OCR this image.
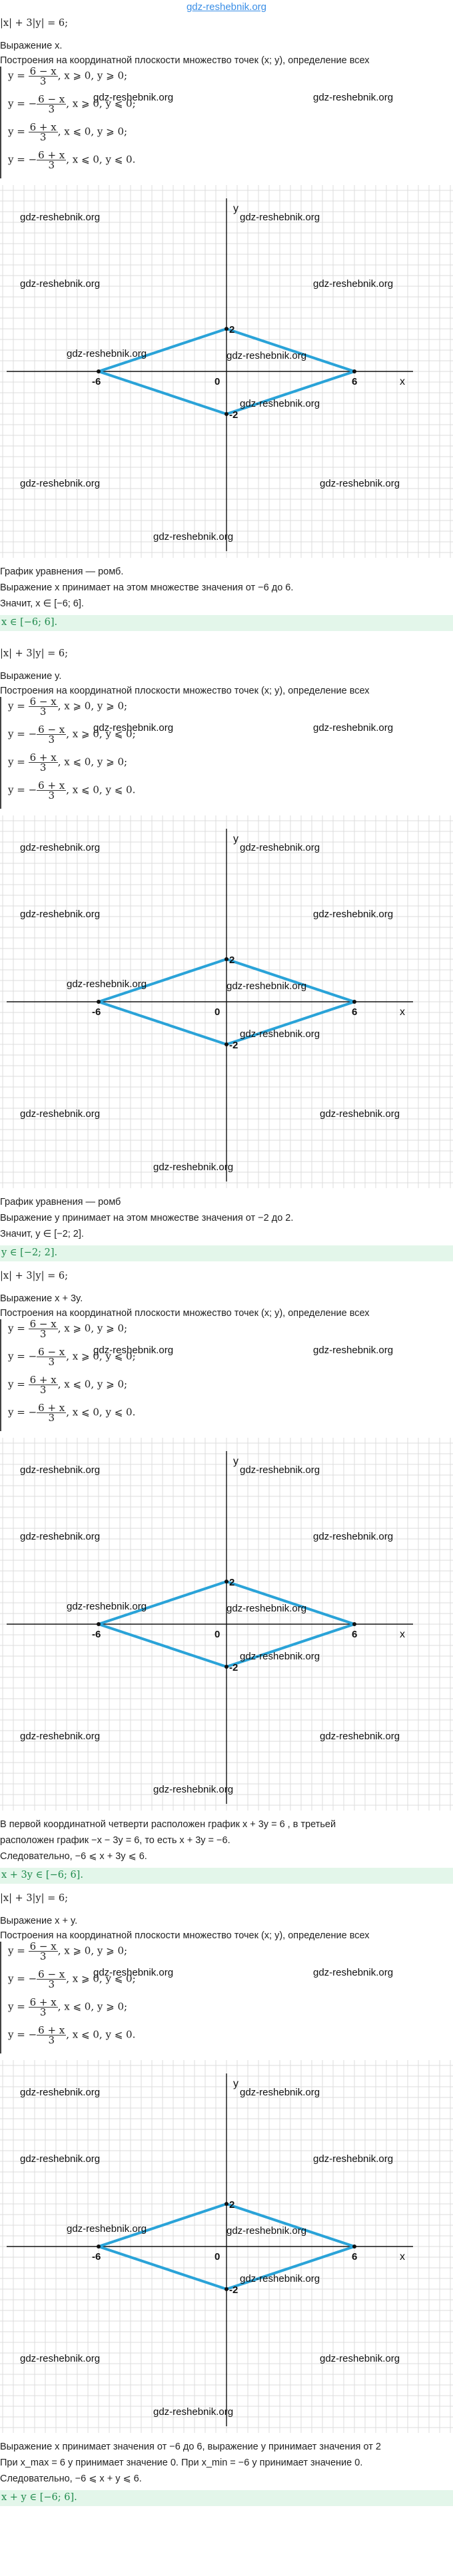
gdz-reshebnik.org
|x| + 3|y| = 6;
Выражение x.
Построения на координатной плоскости множество точек (x; y), определение всех
$y = \frac{6 - x}{3}$ , x ⩾ 0, y ⩾ 0;
y = − $\frac{6 - x}{3}$ , x ⩾ 0, y ⩽ 0;
$y = \frac{6 + x}{3}$ , x ⩽ 0, y ⩾ 0;
y = − $\frac{6 + x}{3}$ , x ⩽ 0, y ⩽ 0.
y
x
-6	6
2
-2
0
График уравнения — ромб.
Выражение x принимает на этом множестве значения от −6 до 6.
Значит, x ∈ [−6; 6].
x ∈ [−6; 6].
gdz-reshebnik.org	gdz-reshebnik.org
gdz-reshebnik.org	gdz-reshebnik.org
gdz-reshebnik.org	gdz-reshebnik.org
gdz-reshebnik.org	gdz-reshebnik.org
gdz-reshebnik.org
gdz-reshebnik.org	gdz-reshebnik.org
gdz-reshebnik.org
|x| + 3|y| = 6;
Выражение y.
Построения на координатной плоскости множество точек (x; y), определение всех
$y = \frac{6 - x}{3}$ , x ⩾ 0, y ⩾ 0;
y = − $\frac{6 - x}{3}$ , x ⩾ 0, y ⩽ 0;
$y = \frac{6 + x}{3}$ , x ⩽ 0, y ⩾ 0;
y = − $\frac{6 + x}{3}$ , x ⩽ 0, y ⩽ 0.
y
x
-6	6
2
-2
0
График уравнения — ромб
Выражение y принимает на этом множестве значения от −2 до 2.
Значит, y ∈ [−2; 2].
y ∈ [−2; 2].
gdz-reshebnik.org	gdz-reshebnik.org
gdz-reshebnik.org	gdz-reshebnik.org
gdz-reshebnik.org	gdz-reshebnik.org
gdz-reshebnik.org	gdz-reshebnik.org
gdz-reshebnik.org
gdz-reshebnik.org	gdz-reshebnik.org
gdz-reshebnik.org
|x| + 3|y| = 6;
Выражение x + 3y.
Построения на координатной плоскости множество точек (x; y), определение всех
$y = \frac{6 - x}{3}$ , x ⩾ 0, y ⩾ 0;
y = − $\frac{6 - x}{3}$ , x ⩾ 0, y ⩽ 0;
$y = \frac{6 + x}{3}$ , x ⩽ 0, y ⩾ 0;
y = − $\frac{6 + x}{3}$ , x ⩽ 0, y ⩽ 0.
y
x
-6	6
2
-2
0
В первой координатной четверти расположен график x + 3y = 6 , в третьей
расположен график −x − 3y = 6, то есть x + 3y = −6.
Следовательно, −6 ⩽ x + 3y ⩽ 6.
x + 3y ∈ [−6; 6].
gdz-reshebnik.org	gdz-reshebnik.org
gdz-reshebnik.org	gdz-reshebnik.org
gdz-reshebnik.org	gdz-reshebnik.org
gdz-reshebnik.org	gdz-reshebnik.org
gdz-reshebnik.org
gdz-reshebnik.org	gdz-reshebnik.org
gdz-reshebnik.org
|x| + 3|y| = 6;
Выражение x + y.
Построения на координатной плоскости множество точек (x; y), определение всех
$y = \frac{6 - x}{3}$ , x ⩾ 0, y ⩾ 0;
y = − $\frac{6 - x}{3}$ , x ⩾ 0, y ⩽ 0;
$y = \frac{6 + x}{3}$ , x ⩽ 0, y ⩾ 0;
y = − $\frac{6 + x}{3}$ , x ⩽ 0, y ⩽ 0.
y
x
-6	6
2
-2
0
Выражение x принимает значения от −6 до 6, выражение y принимает значения от 2
При x_max = 6 y принимает значение 0. При x_min = −6 y принимает значение 0.
Следовательно, −6 ⩽ x + y ⩽ 6.
x + y ∈ [−6; 6].
gdz-reshebnik.org	gdz-reshebnik.org
gdz-reshebnik.org	gdz-reshebnik.org
gdz-reshebnik.org	gdz-reshebnik.org
gdz-reshebnik.org	gdz-reshebnik.org
gdz-reshebnik.org
gdz-reshebnik.org	gdz-reshebnik.org
gdz-reshebnik.org
